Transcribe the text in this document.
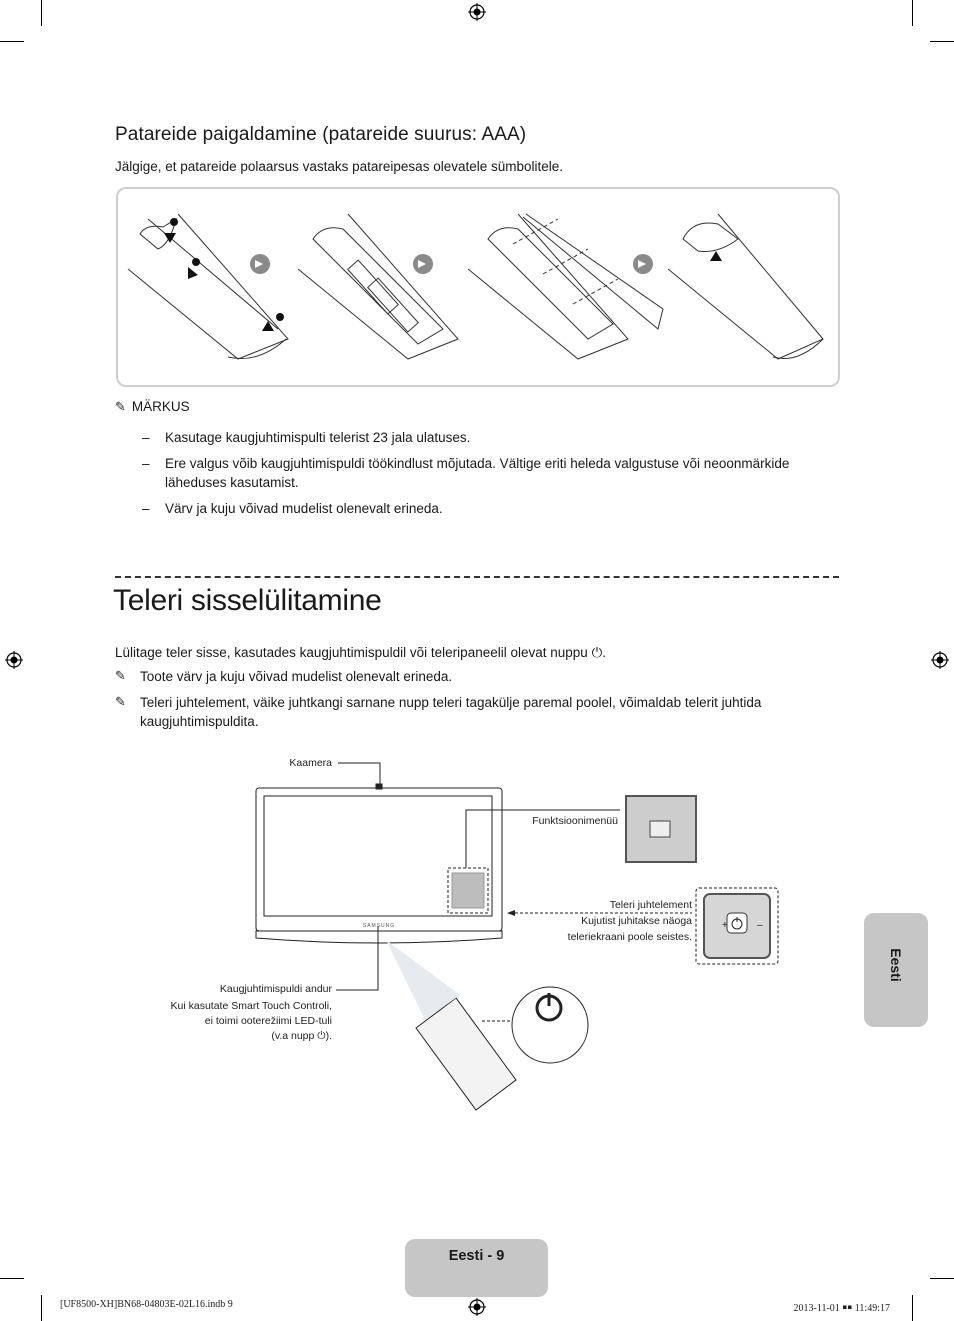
Patareide paigaldamine (patareide suurus: AAA)
Jälgige, et patareide polaarsus vastaks patareipesas olevatele sümbolitele.
✎ MÄRKUS
– Kasutage kaugjuhtimispulti telerist 23 jala ulatuses.
– Ere valgus võib kaugjuhtimispuldi töökindlust mõjutada. Vältige eriti heleda valgustuse või neoonmärkide läheduses kasutamist.
– Värv ja kuju võivad mudelist olenevalt erineda.
Teleri sisselülitamine
Lülitage teler sisse, kasutades kaugjuhtimispuldil või teleripaneelil olevat nuppu ⏻.
✎ Toote värv ja kuju võivad mudelist olenevalt erineda.
✎ Teleri juhtelement, väike juhtkangi sarnane nupp teleri tagakülje paremal poolel, võimaldab telerit juhtida kaugjuhtimispuldita.
SAMSUNG	+	–
Kaamera
Funktsioonimenüü
Teleri juhtelement
Kujutist juhitakse näoga
teleriekraani poole seistes.
Kaugjuhtimispuldi andur
Kui kasutate Smart Touch Controli,
ei toimi ooterežiimi LED-tuli
(v.a nupp ⏻).
Eesti
Eesti - 9
[UF8500-XH]BN68-04803E-02L16.indb 9	2013-11-01 ￭￭ 11:49:17
